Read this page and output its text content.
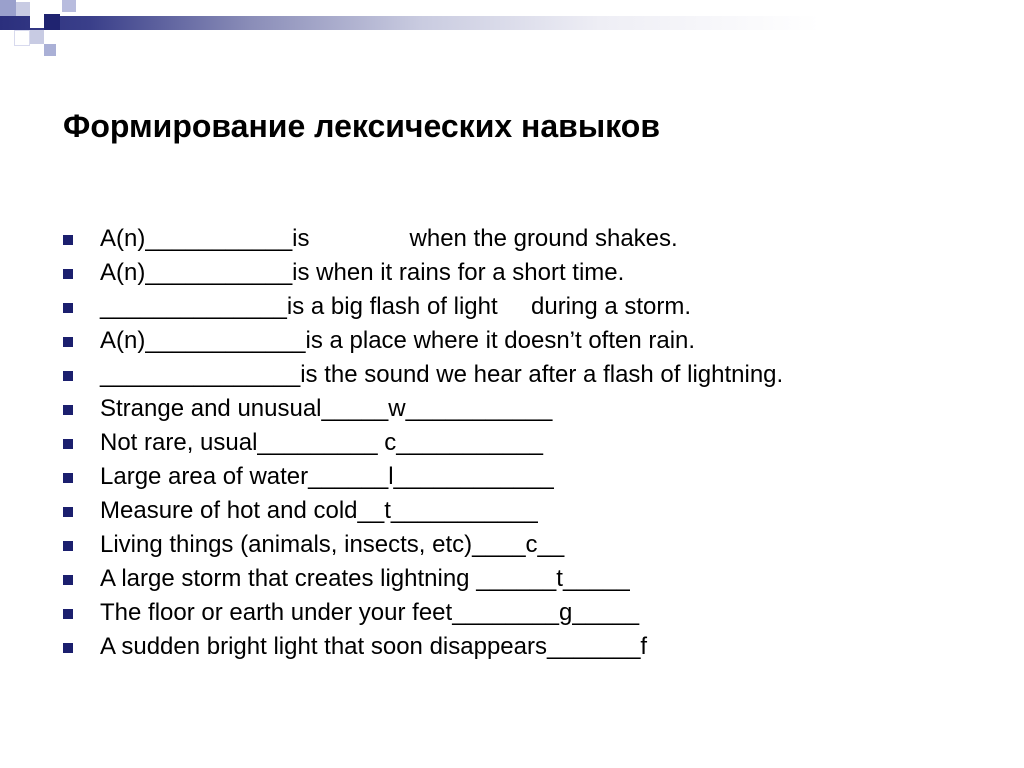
Формирование лексических навыков
A(n)___________is               when the ground shakes.
A(n)___________is when it rains for a short time.
______________is a big flash of light     during a storm.
A(n)____________is a place where it doesn’t often rain.
_______________is the sound we hear after a flash of lightning.
Strange and unusual_____w___________
Not rare, usual_________ c___________
Large area of water______l____________
Measure of hot and cold__t___________
Living things (animals, insects, etc)____c__
A large storm that creates lightning ______t_____
The floor or earth under your feet________g_____
A sudden bright light that soon disappears_______f
